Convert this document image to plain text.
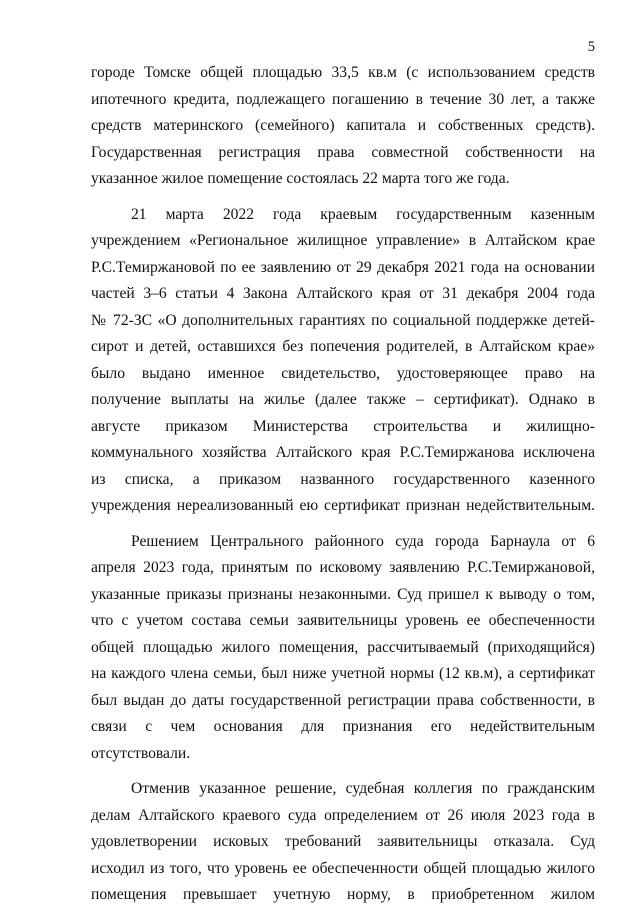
5
городе Томске общей площадью 33,5 кв.м (с использованием средств
ипотечного кредита, подлежащего погашению в течение 30 лет, а также
средств материнского (семейного) капитала и собственных средств).
Государственная регистрация права совместной собственности на
указанное жилое помещение состоялась 22 марта того же года.
21 марта 2022 года краевым государственным казенным
учреждением «Региональное жилищное управление» в Алтайском крае
Р.С.Темиржановой по ее заявлению от 29 декабря 2021 года на основании
частей 3–6 статьи 4 Закона Алтайского края от 31 декабря 2004 года
№ 72-ЗС «О дополнительных гарантиях по социальной поддержке детей-
сирот и детей, оставшихся без попечения родителей, в Алтайском крае»
было выдано именное свидетельство, удостоверяющее право на
получение выплаты на жилье (далее также – сертификат). Однако в
августе приказом Министерства строительства и жилищно-
коммунального хозяйства Алтайского края Р.С.Темиржанова исключена
из списка, а приказом названного государственного казенного
учреждения нереализованный ею сертификат признан недействительным.
Решением Центрального районного суда города Барнаула от 6
апреля 2023 года, принятым по исковому заявлению Р.С.Темиржановой,
указанные приказы признаны незаконными. Суд пришел к выводу о том,
что с учетом состава семьи заявительницы уровень ее обеспеченности
общей площадью жилого помещения, рассчитываемый (приходящийся)
на каждого члена семьи, был ниже учетной нормы (12 кв.м), а сертификат
был выдан до даты государственной регистрации права собственности, в
связи с чем основания для признания его недействительным
отсутствовали.
Отменив указанное решение, судебная коллегия по гражданским
делам Алтайского краевого суда определением от 26 июля 2023 года в
удовлетворении исковых требований заявительницы отказала. Суд
исходил из того, что уровень ее обеспеченности общей площадью жилого
помещения превышает учетную норму, в приобретенном жилом
